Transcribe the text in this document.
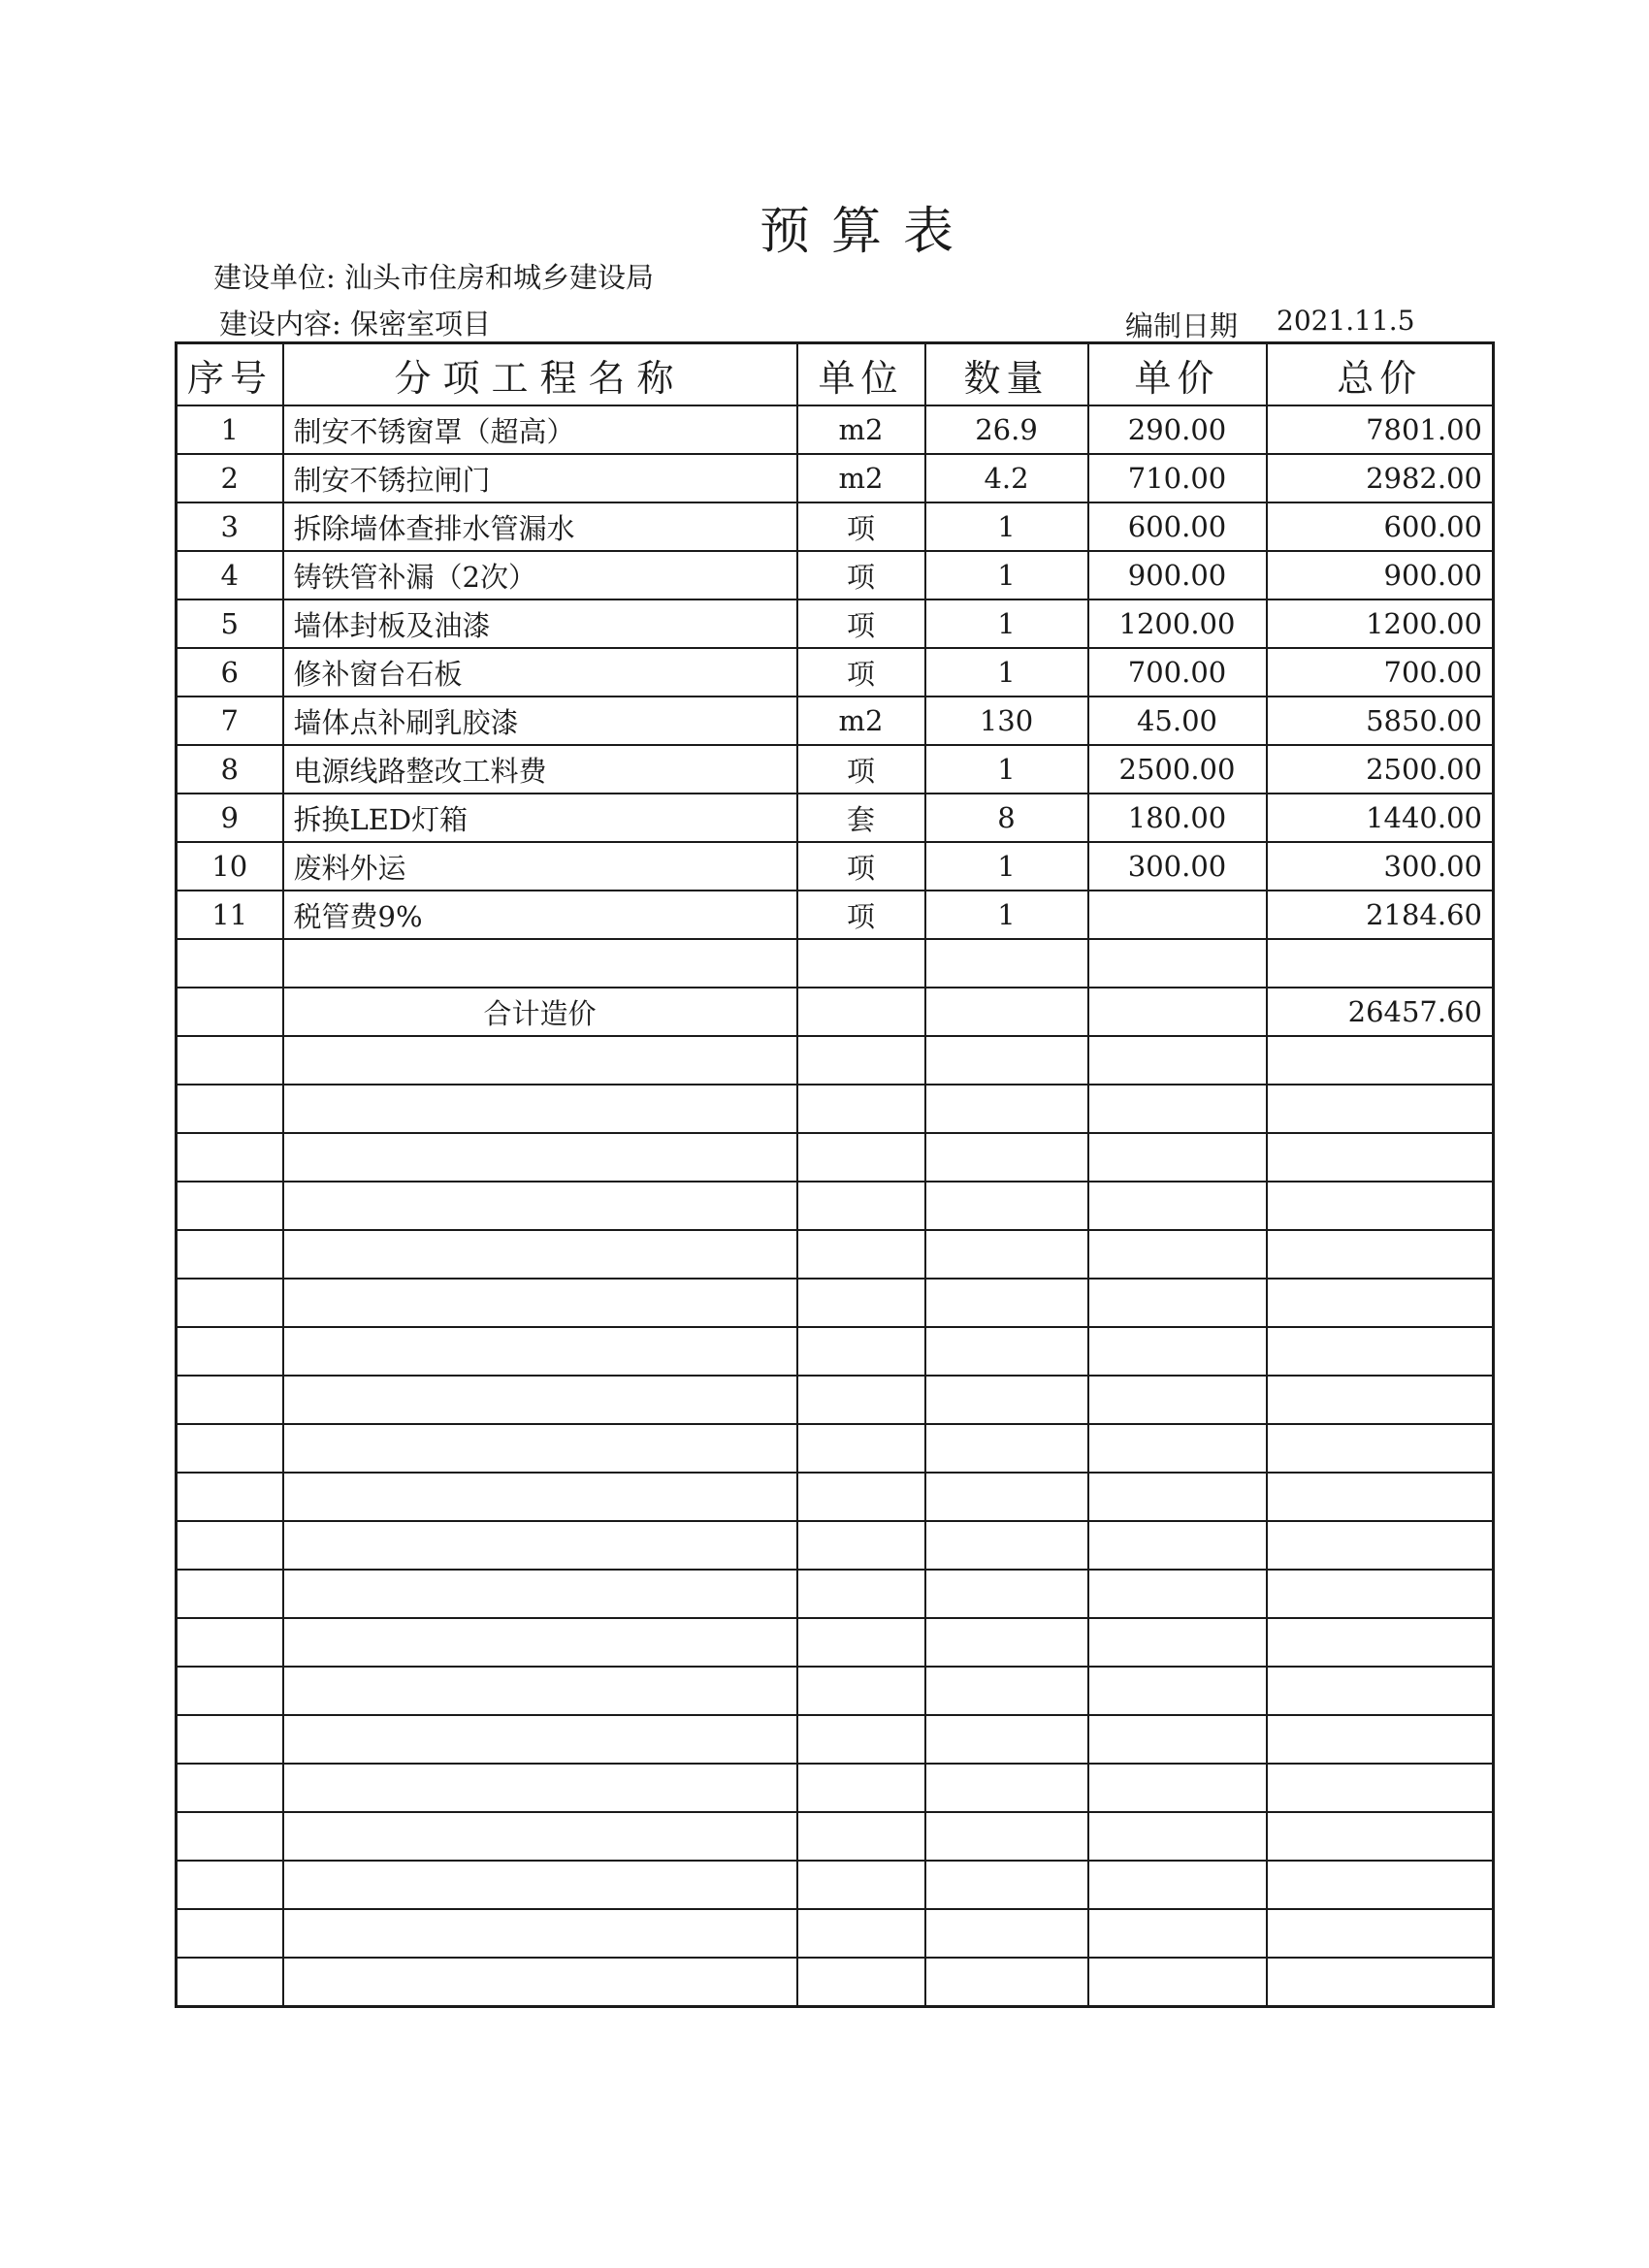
预算表
建设单位: 汕头市住房和城乡建设局
建设内容: 保密室项目	编制日期 2021.11.5
序号	分项工程名称	单位	数量	单价	总价
1	制安不锈窗罩（超高）	m2	26.9	290.00	7801.00
2	制安不锈拉闸门	m2	4.2	710.00	2982.00
3	拆除墙体查排水管漏水	项	1	600.00	600.00
4	铸铁管补漏（2次）	项	1	900.00	900.00
5	墙体封板及油漆	项	1	1200.00	1200.00
6	修补窗台石板	项	1	700.00	700.00
7	墙体点补刷乳胶漆	m2	130	45.00	5850.00
8	电源线路整改工料费	项	1	2500.00	2500.00
9	拆换LED灯箱	套	8	180.00	1440.00
10	废料外运	项	1	300.00	300.00
11	税管费9%	项	1		2184.60

	合计造价				26457.60
